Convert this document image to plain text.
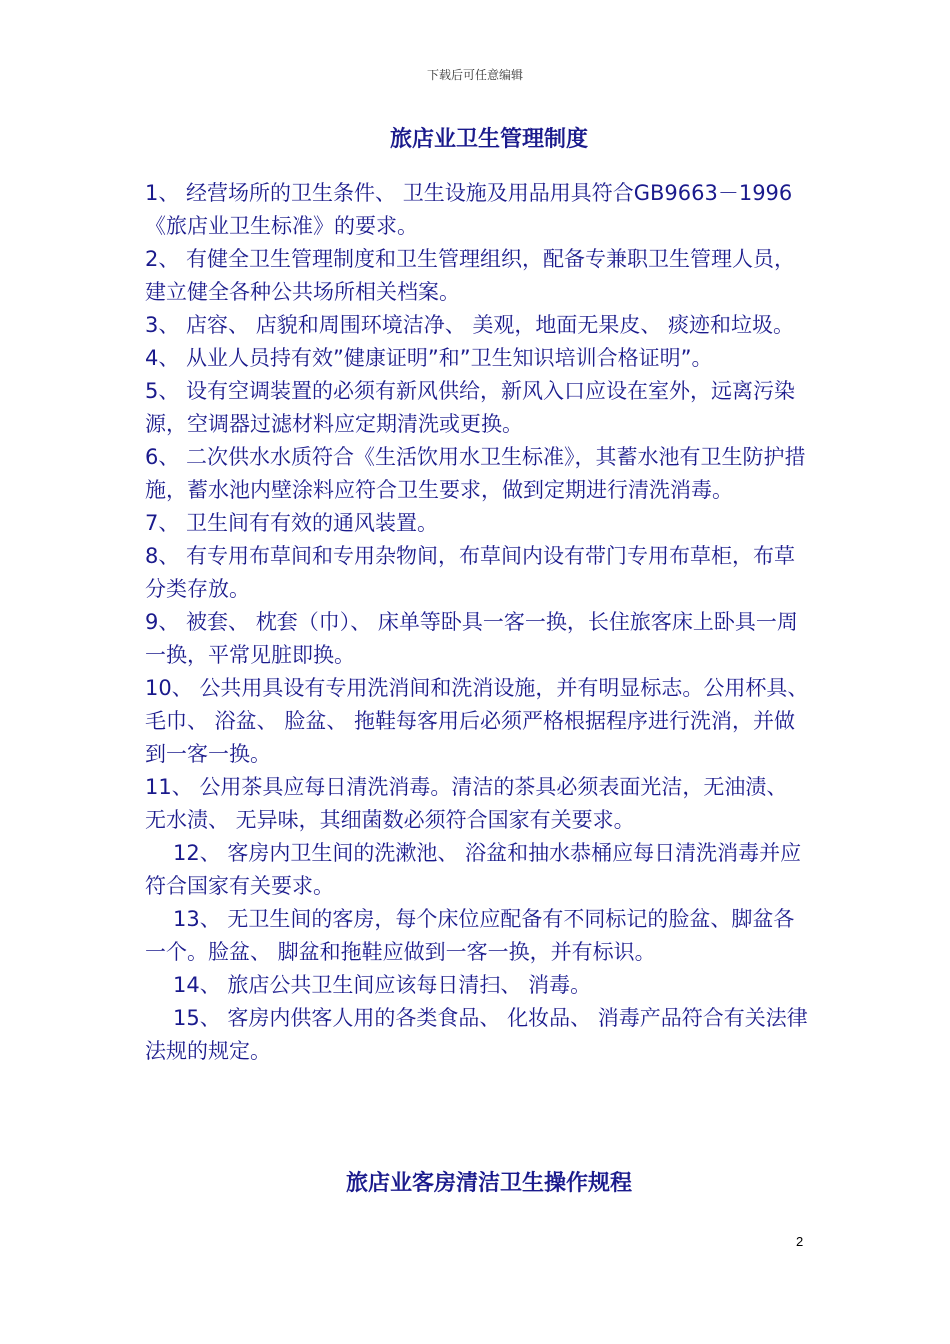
下载后可任意编辑
旅店业卫生管理制度

1、 经营场所的卫生条件、 卫生设施及用品用具符合GB9663－1996《旅店业卫生标准》的要求。

2、 有健全卫生管理制度和卫生管理组织，配备专兼职卫生管理人员，建立健全各种公共场所相关档案。

3、 店容、 店貌和周围环境洁净、 美观，地面无果皮、 痰迹和垃圾。

4、 从业人员持有效”健康证明”和”卫生知识培训合格证明”。

5、 设有空调装置的必须有新风供给，新风入口应设在室外，远离污染源，空调器过滤材料应定期清洗或更换。

6、 二次供水水质符合《生活饮用水卫生标准》，其蓄水池有卫生防护措施，蓄水池内壁涂料应符合卫生要求，做到定期进行清洗消毒。

7、 卫生间有有效的通风装置。

8、 有专用布草间和专用杂物间，布草间内设有带门专用布草柜，布草分类存放。

9、 被套、 枕套（巾）、 床单等卧具一客一换，长住旅客床上卧具一周一换，平常见脏即换。

10、 公共用具设有专用洗消间和洗消设施，并有明显标志。公用杯具、 毛巾、 浴盆、 脸盆、 拖鞋每客用后必须严格根据程序进行洗消，并做到一客一换。

11、 公用茶具应每日清洗消毒。清洁的茶具必须表面光洁，无油渍、 无水渍、 无异味，其细菌数必须符合国家有关要求。

12、 客房内卫生间的洗漱池、 浴盆和抽水恭桶应每日清洗消毒并应符合国家有关要求。

13、 无卫生间的客房，每个床位应配备有不同标记的脸盆、脚盆各一个。脸盆、 脚盆和拖鞋应做到一客一换，并有标识。

14、 旅店公共卫生间应该每日清扫、 消毒。

15、 客房内供客人用的各类食品、 化妆品、 消毒产品符合有关法律法规的规定。

旅店业客房清洁卫生操作规程
2
